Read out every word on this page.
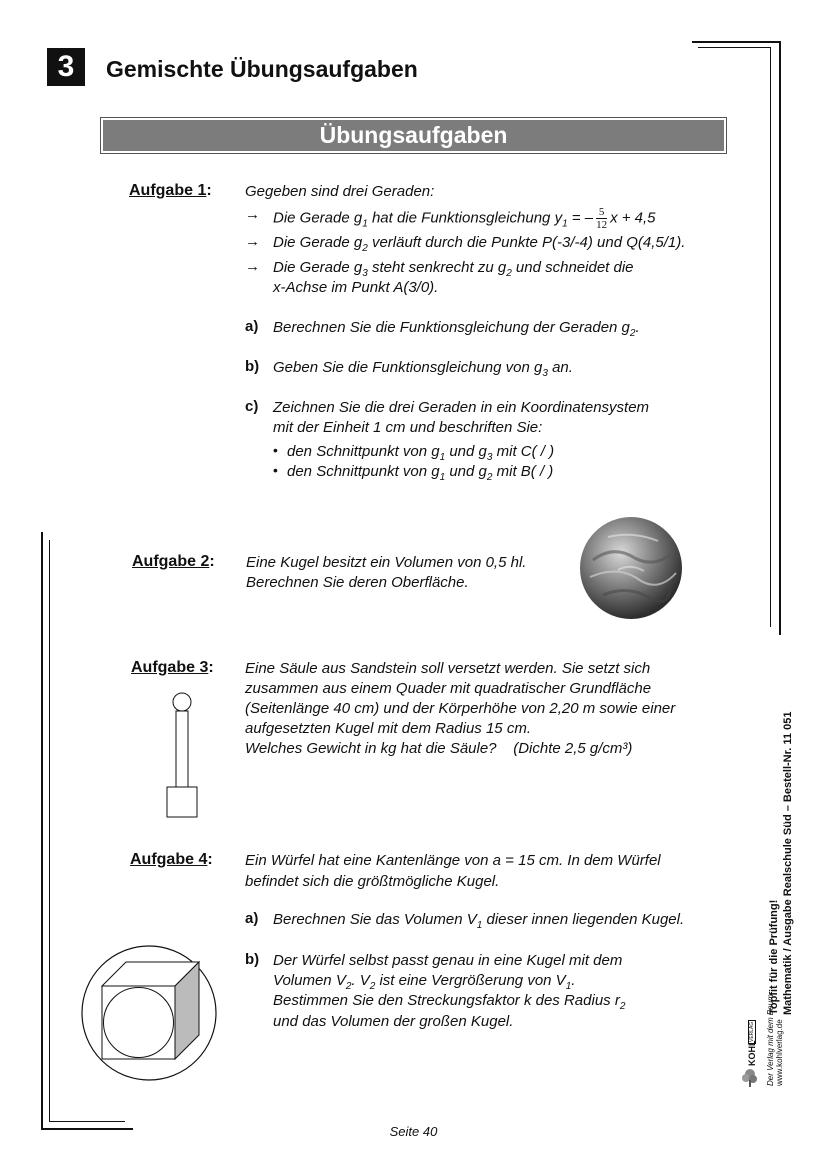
3	Gemischte Übungsaufgaben
Übungsaufgaben
Aufgabe 1: Gegeben sind drei Geraden:
→ Die Gerade $g_1$ hat die Funktionsgleichung $y_1$ = – $\frac{5}{12}$ x + 4,5
→ Die Gerade $g_2$ verläuft durch die Punkte P(-3/-4) und Q(4,5/1).
→ Die Gerade $g_3$ steht senkrecht zu $g_2$ und schneidet die
x-Achse im Punkt A(3/0).
a) Berechnen Sie die Funktionsgleichung der Geraden $g_2$.
b) Geben Sie die Funktionsgleichung von $g_3$ an.
c) Zeichnen Sie die drei Geraden in ein Koordinatensystem
mit der Einheit 1 cm und beschriften Sie:
• den Schnittpunkt von $g_1$ und $g_3$ mit C( / )
• den Schnittpunkt von $g_1$ und $g_2$ mit B( / )
Aufgabe 2: Eine Kugel besitzt ein Volumen von 0,5 hl.
Berechnen Sie deren Oberfläche.
Aufgabe 3: Eine Säule aus Sandstein soll versetzt werden. Sie setzt sich
zusammen aus einem Quader mit quadratischer Grundfläche
(Seitenlänge 40 cm) und der Körperhöhe von 2,20 m sowie einer
aufgesetzten Kugel mit dem Radius 15 cm.
Welches Gewicht in kg hat die Säule? (Dichte 2,5 g/cm³)
Aufgabe 4: Ein Würfel hat eine Kantenlänge von a = 15 cm. In dem Würfel
befindet sich die größtmögliche Kugel.
a) Berechnen Sie das Volumen $V_1$ dieser innen liegenden Kugel.
b) Der Würfel selbst passt genau in eine Kugel mit dem
Volumen $V_2$. $V_2$ ist eine Vergrößerung von $V_1$.
Bestimmen Sie den Streckungsfaktor k des Radius $r_2$
und das Volumen der großen Kugel.
Seite 40
Topfit für die Prüfung! Mathematik / Ausgabe Realschule Süd – Bestell-Nr. 11 051
KOHL
VERLAG Der Verlag mit dem Baum www.kohlverlag.de
